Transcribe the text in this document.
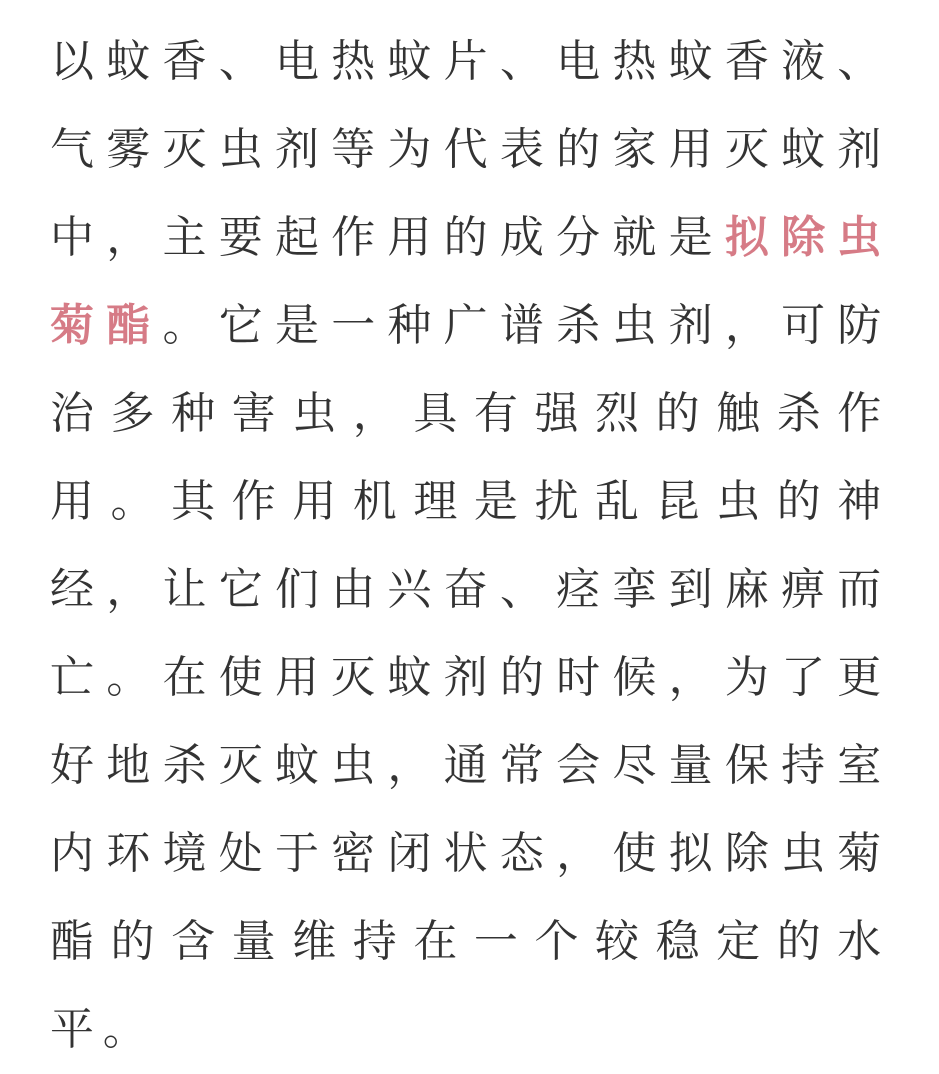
以蚊香、电热蚊片、电热蚊香液、气雾灭虫剂等为代表的家用灭蚊剂中，主要起作用的成分就是拟除虫菊酯。它是一种广谱杀虫剂，可防治多种害虫，具有强烈的触杀作用。其作用机理是扰乱昆虫的神经，让它们由兴奋、痉挛到麻痹而亡。在使用灭蚊剂的时候，为了更好地杀灭蚊虫，通常会尽量保持室内环境处于密闭状态，使拟除虫菊酯的含量维持在一个较稳定的水平。
